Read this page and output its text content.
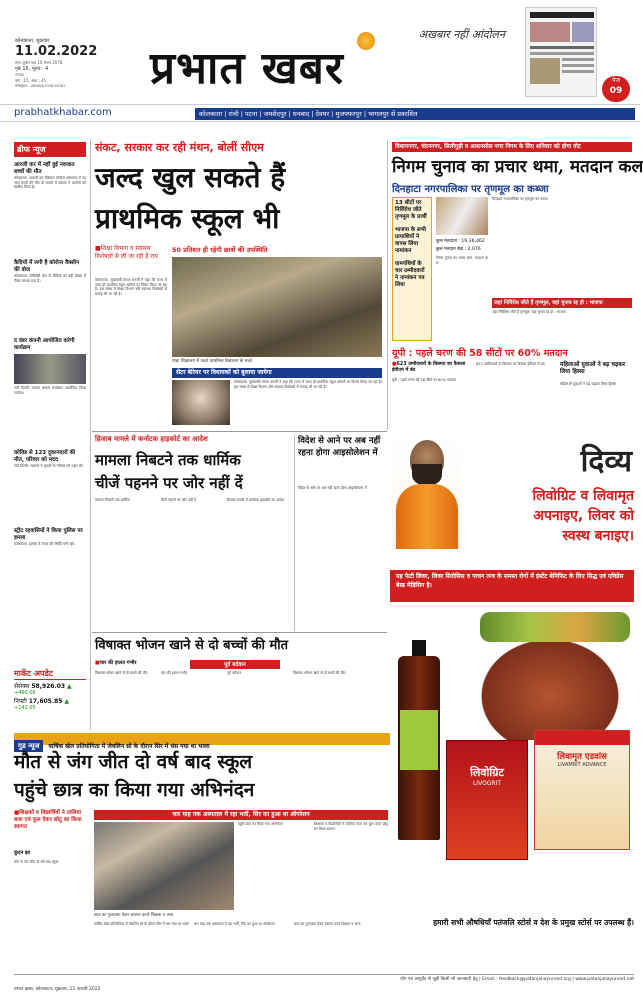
कोलकाता, शुक्रवार
11.02.2022
माघ शुक्ल पक्ष 10 संवत 2078
पृष्ठ 16, मूल्य : 4
ज्यादा
वर्ष : 15, अंक : 41
रजिस्ट्रेशन : WBHIN/2006/18281
अखबार नहीं आंदोलन
प्रभात खबर	पेज
09
prabhatkhabar.com	कोलकाता | रांची | पटना | जमशेदपुर | धनबाद | देवघर | मुजफ्फरपुर | भागलपुर से प्रकाशित
ब्रीफ न्यूज
आरजी कर में नहीं हुई नवजात बच्चों की मौत
कोलकाता. आरजी कर मेडिकल कॉलेज अस्पताल में नवजात बच्चों की मौत के मामले में प्रबंधन ने आरोपों को खारिज किया है।
कैदियों में लगी है कोरोना वैक्सीन की डोज
कोलकाता. प्रेसीडेंसी जेल के कैदियों को बड़ी संख्या में टीका लगाया गया है।
द वंडर कंपनी आयोजित करेगी कार्यक्रम
नयी दिल्ली. मास्टर क्लास कार्यक्रम आयोजित किया जायेगा।
कोविड से 123 दुकानदारों की मौत, परिवार को मदद
नयी दिल्ली. सरकार ने मृतकों के परिवार को राहत दी।
स्ट्रीट रहवासियों ने किया पुलिस पर हमला
कोलकाता. इलाके में तनाव की स्थिति बनी रही।
मार्केट अपडेट
सेंसेक्स 58,926.03 ▲
+460.06
निफ्टी 17,605.85 ▲
+142.05
संकट, सरकार कर रही मंथन, बोलीं सीएम
जल्द खुल सकते हैं
प्राथमिक स्कूल भी
■ शिक्षा विभाग व स्वास्थ्य विशेषज्ञों से ली जा रही है राय
कोलकाता. मुख्यमंत्री ममता बनर्जी ने कहा कि राज्य में जल्द ही प्राथमिक स्कूल खोलने पर विचार किया जा रहा है। इस संबंध में शिक्षा विभाग और स्वास्थ्य विशेषज्ञों से सलाह ली जा रही है।
50 प्रतिशत ही रहेगी छात्रों की उपस्थिति
पाड़ा शिक्षालय में पढ़ते प्राथमिक विद्यालय के बच्चे.
सेंटर बेरियर पर विधायकों को बुलाया जायेगा
कोलकाता. मुख्यमंत्री ममता बनर्जी ने कहा कि राज्य में जल्द ही प्राथमिक स्कूल खोलने पर विचार किया जा रहा है। इस संबंध में शिक्षा विभाग और स्वास्थ्य विशेषज्ञों से सलाह ली जा रही है।
विधाननगर, चंदननगर, सिलीगुड़ी व आसनसोल नगर निगम के लिए शनिवार को होगा वोट
निगम चुनाव का प्रचार थमा, मतदान कल
दिनहाटा नगरपालिका पर तृणमूल का कब्जा
13 सीटों पर निर्विरोध जीते तृणमूल के प्रार्थी
भाजपा के सभी प्रत्याशियों ने वापस लिया नामांकन
वामपंथियों के चार उम्मीदवारों ने नामांकन पत्र लिया
कुल मतदाता : 19,36,462
कुल मतदान केंद्र : 2,076
निगम चुनाव का प्रचार थमा, मतदान कल
दिनहाटा नगरपालिका पर तृणमूल का कब्जा
जहां निर्विरोध जीते हैं तृणमूल, वहां चुनाव रद्द हो : भाजपा
जहां निर्विरोध जीते हैं तृणमूल, वहां चुनाव रद्द हो : भाजपा
यूपी : पहले चरण की 58 सीटों पर 60% मतदान
■ 623 उम्मीदवारों के किस्मत का फैसला ईवीएम में बंद
यूपी : पहले चरण की 58 सीटों पर 60% मतदान
623 उम्मीदवारों के किस्मत का फैसला ईवीएम में बंद	महिलाओं युवाओं ने बढ़ चढ़कर लिया हिस्सा
महिलाओं युवाओं ने बढ़ चढ़कर लिया हिस्सा
हिजाब मामले में कर्नाटक हाइकोर्ट का आदेश
मामला निबटने तक धार्मिक
चीजें पहनने पर जोर नहीं दें
मामला निबटने तक धार्मिक	चीजें पहनने पर जोर नहीं दें	हिजाब मामले में कर्नाटक हाइकोर्ट का आदेश
विदेश से आने पर अब नहीं रहना होगा आइसोलेशन में
विदेश से आने पर अब नहीं रहना होगा आइसोलेशन में
विषाक्त भोजन खाने से दो बच्चों की मौत
■ चार की हालत गंभीर	पूर्व बर्दवान
विषाक्त भोजन खाने से दो बच्चों की मौत	चार की हालत गंभीर	पूर्व बर्दवान	विषाक्त भोजन खाने से दो बच्चों की मौत
दिव्य
लिवोग्रिट व लिवामृत
अपनाइए, लिवर को
स्वस्थ बनाइए।
यह फैटी लिवर, लिवर सिरोसिस व पाचन तन्त्र के समस्त रोगों में इंस्टेंट बेनिफिट के लिए सिद्ध एवं एविडेंस बेस्ड मेडिसिन है।
लिवोग्रिट
LIVOGRIT
लिवामृत एडवांस
LIVAMRIT ADVANCE
हमारी सभी औषधियाँ पतंजलि स्टोर्स व देश के प्रमुख स्टोर्स पर उपलब्ध हैं।
गुड न्यूज वार्षिक खेल प्रतियोगिता में जेवलिन थ्रो के दौरान सिर में धंस गया था भाला
मौत से जंग जीत दो वर्ष बाद स्कूल
पहुंचे छात्र का किया गया अभिनंदन
■ शिक्षकों व विद्यार्थियों ने तालियां बजा एवं फूल देकर छोटू का किया स्वागत
कुंदन झा
मौत से जंग जीत दो वर्ष बाद स्कूल
चार माह तक अस्पताल में रहा भर्ती, सिर का हुआ था ऑपरेशन
छात्र का गुलदस्ता देकर स्वागत करते शिक्षक व अन्य
पहुंचे छात्र का किया गया अभिनंदन	शिक्षकों व विद्यार्थियों ने तालियां बजा एवं फूल देकर छोटू का किया स्वागत
वार्षिक खेल प्रतियोगिता में जेवलिन थ्रो के दौरान सिर में धंस गया था भाला चार माह तक अस्पताल में रहा भर्ती, सिर का हुआ था ऑपरेशन	छात्र का गुलदस्ता देकर स्वागत करते शिक्षक व अन्य
प्रभात खबर, कोलकाता, शुक्रवार, 11 फरवरी 2022
योग एवं आयुर्वेद से जुड़ी किसी भी जानकारी हेतु | Email : feedback@patanjaliayurved.org | www.patanjaliayurved.net
